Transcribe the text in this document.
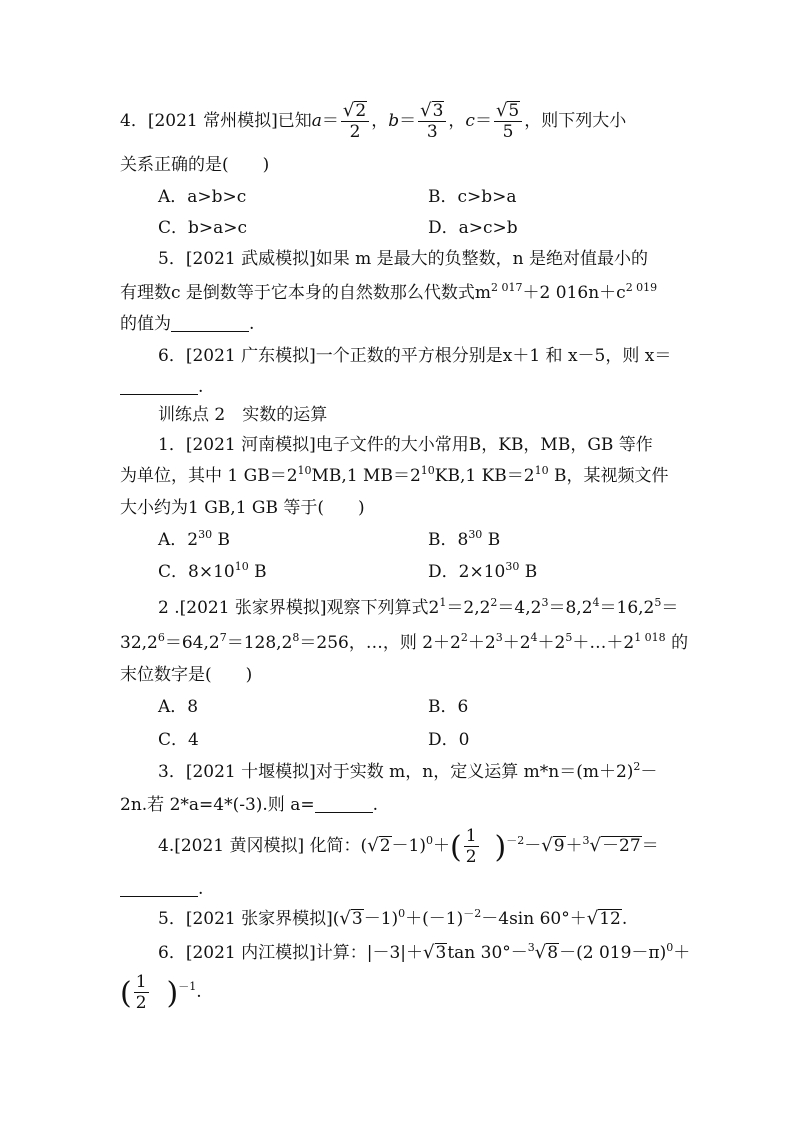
4．[2021 常州模拟]已知$a= \frac{√2}{2}$ ，$b= \frac{√3}{3}$ ，$c= \frac{√5}{5}$ ，则下列大小
关系正确的是(　　)
A．a>b>c	B．c>b>a
C．b>a>c	D．a>c>b
5．[2021 武威模拟]如果 m 是最大的负整数，n 是绝对值最小的
有理数c 是倒数等于它本身的自然数那么代数式$m^{2 017}+2$ $016n+c^{2 019}$
的值为	.
6．[2021 广东模拟]一个正数的平方根分别是x＋1 和 x－5，则 x＝
.
训练点 2　实数的运算
1．[2021 河南模拟]电子文件的大小常用B，KB，MB，GB 等作
为单位，其中 1 $GB=2^{10}MB,1$ $MB=2^{10}KB,1$ $KB=2^{10}$ B，某视频文件
大小约为1 GB,1 GB 等于(　　)
A．$2^{30}$ B	B．$8^{30}$ B
C．$8\times 10^{10}$ B	D．$2\times 10^{30}$ B
2 .[2021 张家界模拟]观察下列算式$2^1=2,2^2=4,2^3=8,2^4=16,2^5=$
$32,2^6=64,2^7=128,2^8=256$，…，则 $2+2^2+2^3+2^4+2^5+\dots+2^{1 018}$ 的
末位数字是(　　)
A．8	B．6
C．4	D．0
3．[2021 十堰模拟]对于实数 m，n，定义运算 $m*n=(m+2)^2-$
2n.若 2*a=4*(-3).则 a=	.
4.[2021 黄冈模拟] 化简：$(√2-1)^0+( \frac{1}{2} )^{-2}-√9+^3√-27=$
.
5．[2021 张家界模拟]$(√3-1)^0+(-1)^{-2}-4\sin$ 60°＋√12.
6．[2021 内江模拟]计算：|－3|＋√3tan 30°－$^3$√8－(2 019－π)$^0$＋
( $\frac{1}{2} )^{-1}$.
